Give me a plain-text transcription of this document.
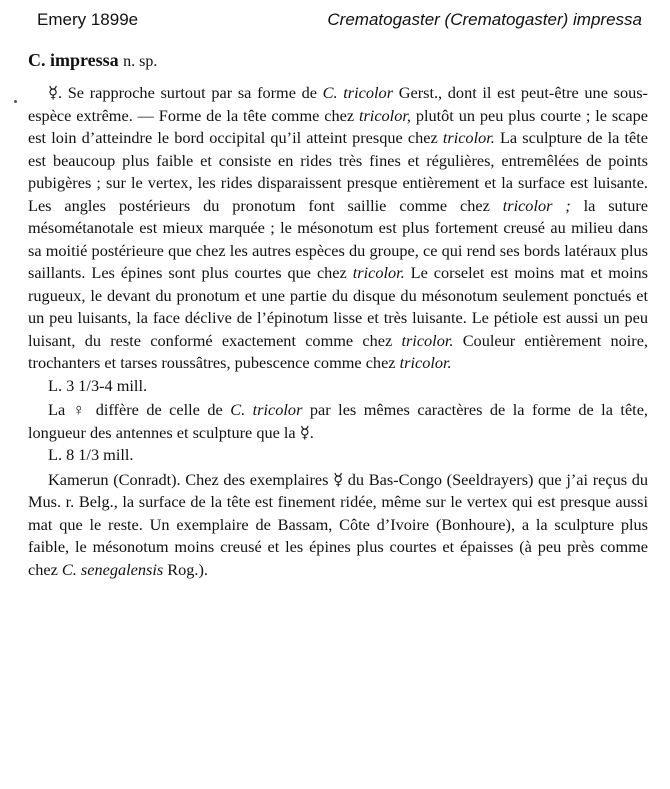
Emery 1899e	Crematogaster (Crematogaster) impressa
C. impressa n. sp.

☿. Se rapproche surtout par sa forme de C. tricolor Gerst., dont il est peut-être une sous-espèce extrême. — Forme de la tête comme chez tricolor, plutôt un peu plus courte ; le scape est loin d’atteindre le bord occipital qu’il atteint presque chez tricolor. La sculpture de la tête est beaucoup plus faible et consiste en rides très fines et régulières, entremêlées de points pubigères ; sur le vertex, les rides disparaissent presque entièrement et la surface est luisante. Les angles postérieurs du pronotum font saillie comme chez tricolor ; la suture mésométanotale est mieux marquée ; le mésonotum est plus fortement creusé au milieu dans sa moitié postérieure que chez les autres espèces du groupe, ce qui rend ses bords latéraux plus saillants. Les épines sont plus courtes que chez tricolor. Le corselet est moins mat et moins rugueux, le devant du pronotum et une partie du disque du mésonotum seulement ponctués et un peu luisants, la face déclive de l’épinotum lisse et très luisante. Le pétiole est aussi un peu luisant, du reste conformé exactement comme chez tricolor. Couleur entièrement noire, trochanters et tarses roussâtres, pubescence comme chez tricolor.

L. 3 1/3-4 mill.

La ♀ diffère de celle de C. tricolor par les mêmes caractères de la forme de la tête, longueur des antennes et sculpture que la ☿.

L. 8 1/3 mill.

Kamerun (Conradt). Chez des exemplaires ☿ du Bas-Congo (Seeldrayers) que j’ai reçus du Mus. r. Belg., la surface de la tête est finement ridée, même sur le vertex qui est presque aussi mat que le reste. Un exemplaire de Bassam, Côte d’Ivoire (Bonhoure), a la sculpture plus faible, le mésonotum moins creusé et les épines plus courtes et épaisses (à peu près comme chez C. senegalensis Rog.).
